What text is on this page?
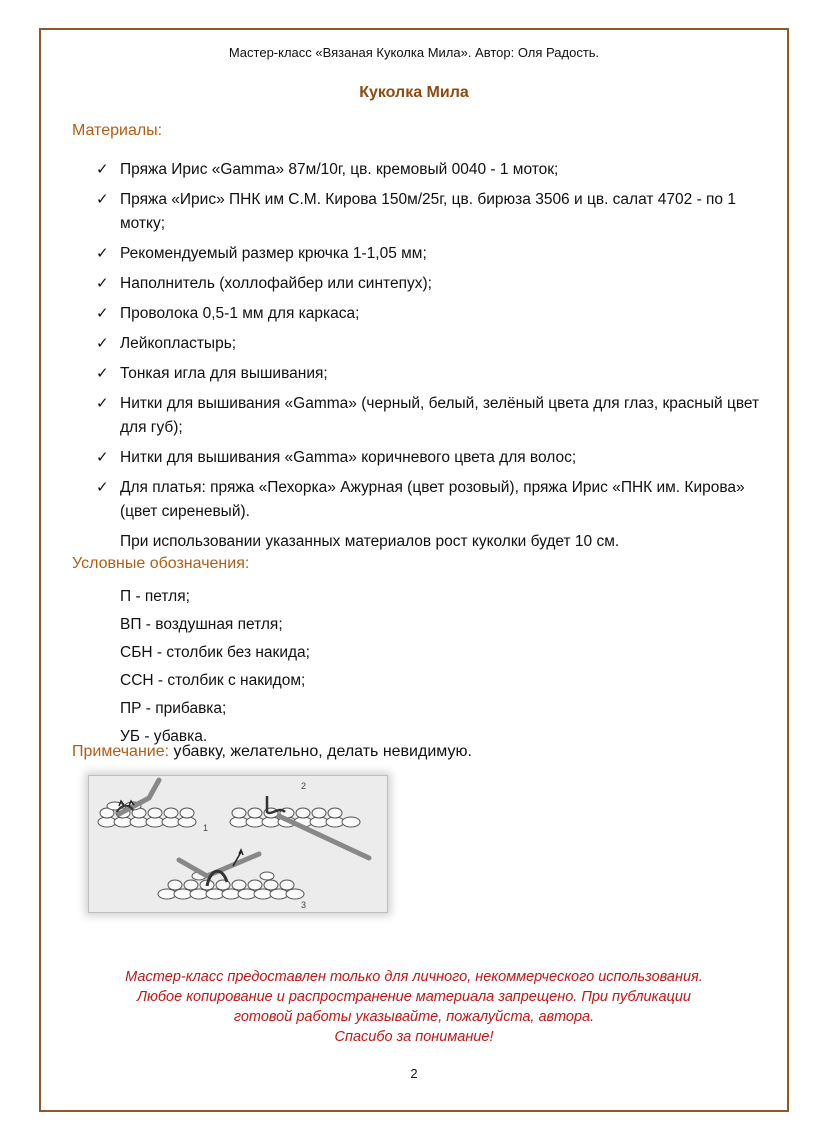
Мастер-класс «Вязаная Куколка Мила». Автор: Оля Радость.
Куколка Мила
Материалы:
✓ Пряжа Ирис «Gamma» 87м/10г, цв. кремовый 0040 - 1 моток;
✓ Пряжа «Ирис» ПНК им С.М. Кирова 150м/25г, цв. бирюза 3506 и цв. салат 4702 - по 1 мотку;
✓ Рекомендуемый размер крючка 1-1,05 мм;
✓ Наполнитель (холлофайбер или синтепух);
✓ Проволока 0,5-1 мм для каркаса;
✓ Лейкопластырь;
✓ Тонкая игла для вышивания;
✓ Нитки для вышивания «Gamma» (черный, белый, зелёный цвета для глаз, красный цвет для губ);
✓ Нитки для вышивания «Gamma» коричневого цвета для волос;
✓ Для платья: пряжа «Пехорка» Ажурная (цвет розовый), пряжа Ирис «ПНК им. Кирова» (цвет сиреневый).
При использовании указанных материалов рост куколки будет 10 см.
Условные обозначения:
П - петля;
ВП - воздушная петля;
СБН - столбик без накида;
ССН - столбик с накидом;
ПР - прибавка;
УБ - убавка.
Примечание: убавку, желательно, делать невидимую.
1
2
3
Мастер-класс предоставлен только для личного, некоммерческого использования.
Любое копирование и распространение материала запрещено. При публикации
готовой работы указывайте, пожалуйста, автора.
Спасибо за понимание!
2
